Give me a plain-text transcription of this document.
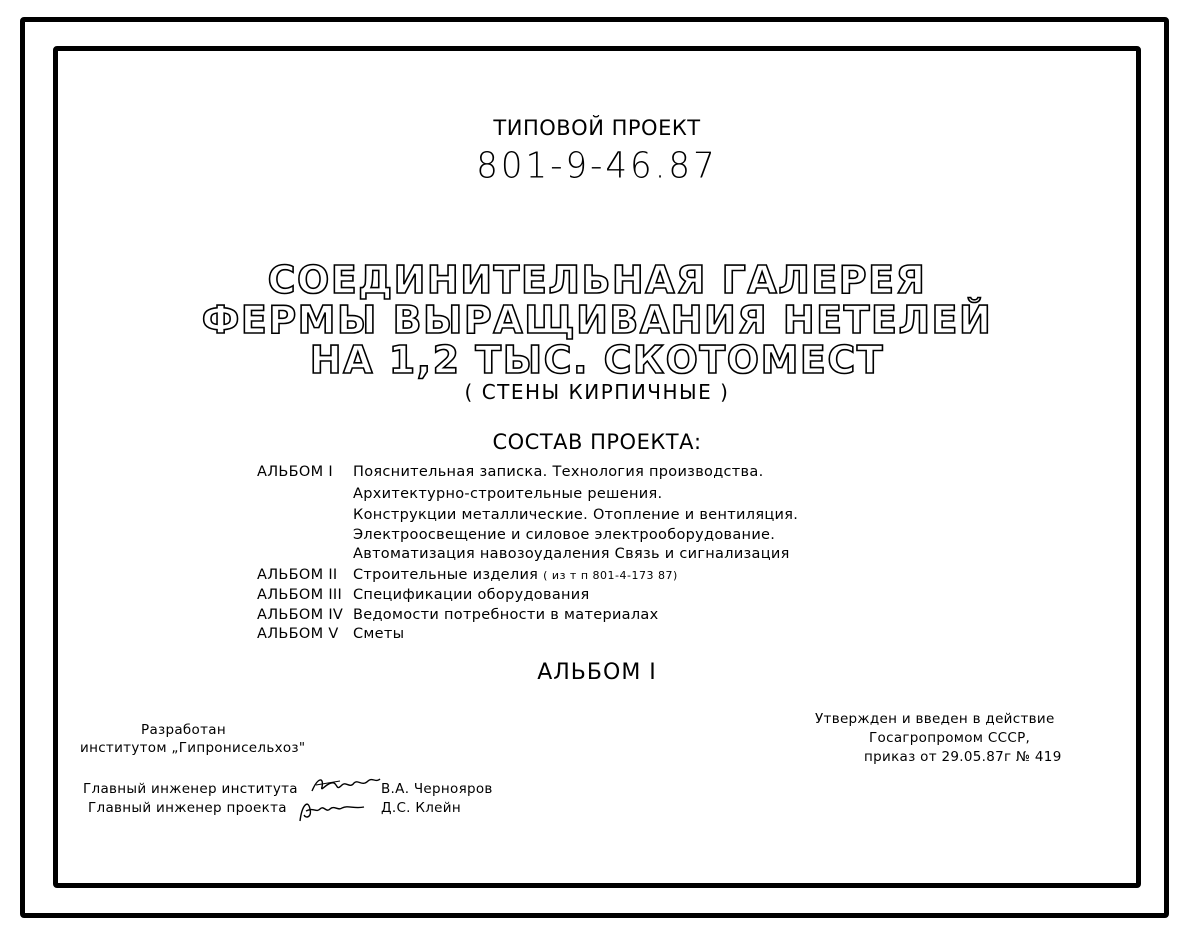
ТИПОВОЙ ПРОЕКТ
801-9-46.87
СОЕДИНИТЕЛЬНАЯ ГАЛЕРЕЯ
ФЕРМЫ ВЫРАЩИВАНИЯ НЕТЕЛЕЙ
НА 1,2 ТЫС. СКОТОМЕСТ
( СТЕНЫ КИРПИЧНЫЕ )
СОСТАВ ПРОЕКТА:
АЛЬБОМ I Пояснительная записка. Технология производства.
Архитектурно-строительные решения.
Конструкции металлические. Отопление и вентиляция.
Электроосвещение и силовое электрооборудование.
Автоматизация навозоудаления Связь и сигнализация
АЛЬБОМ II Строительные изделия ( из т п 801-4-173 87)
АЛЬБОМ III Спецификации оборудования
АЛЬБОМ IV Ведомости потребности в материалах
АЛЬБОМ V Сметы
АЛЬБОМ I
Разработан
институтом „Гипронисельхоз"
Утвержден и введен в действие
Госагропромом СССР,
приказ от 29.05.87г № 419
Главный инженер института	В.А. Чернояров
Главный инженер проекта	Д.С. Клейн
